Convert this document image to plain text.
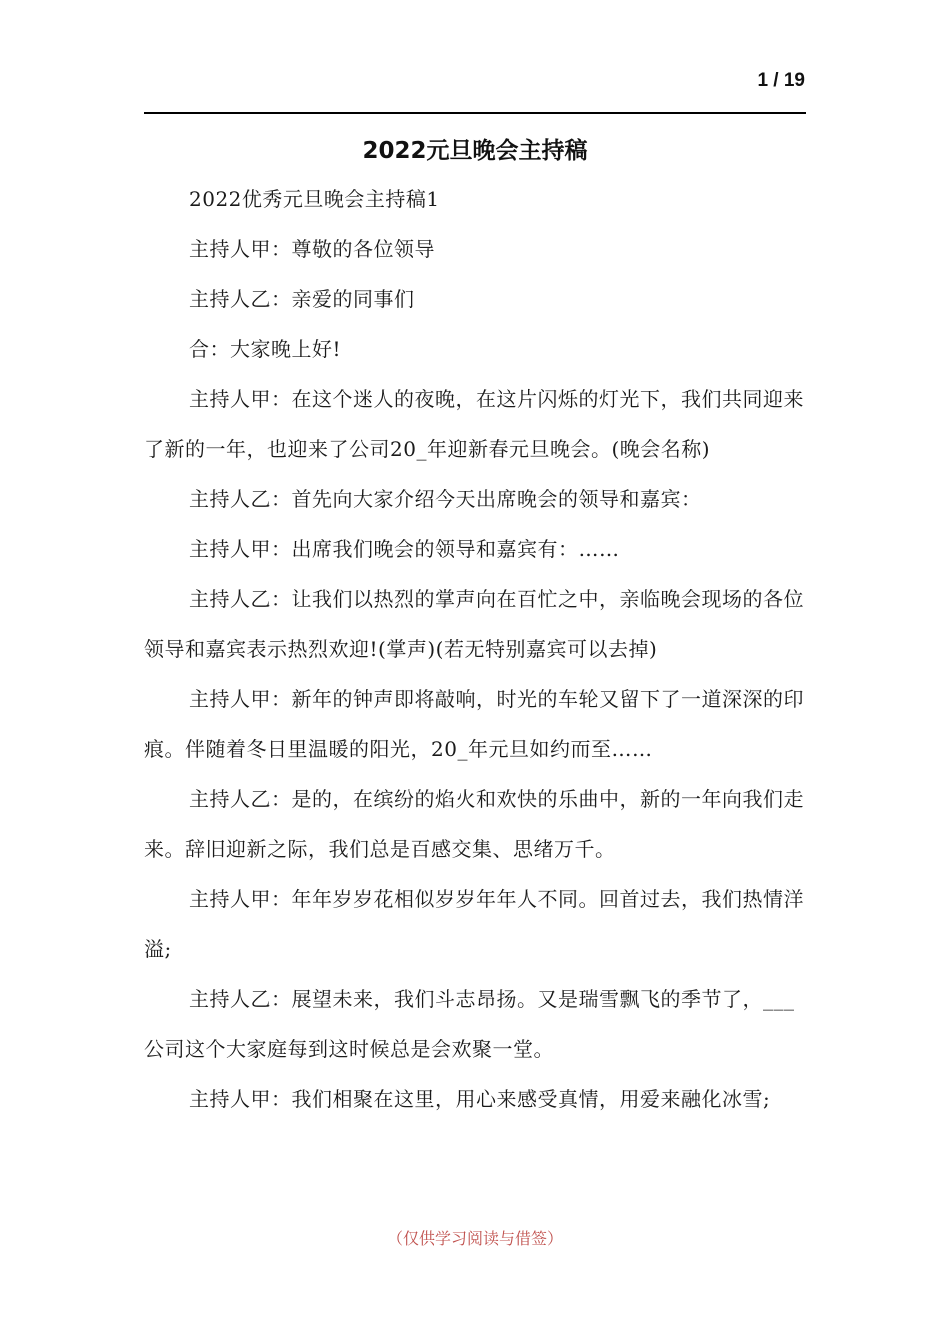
1 / 19
2022元旦晚会主持稿

2022优秀元旦晚会主持稿1

主持人甲：尊敬的各位领导

主持人乙：亲爱的同事们

合：大家晚上好!

主持人甲：在这个迷人的夜晚，在这片闪烁的灯光下，我们共同迎来了新的一年，也迎来了公司20_年迎新春元旦晚会。(晚会名称)

主持人乙：首先向大家介绍今天出席晚会的领导和嘉宾：

主持人甲：出席我们晚会的领导和嘉宾有：……

主持人乙：让我们以热烈的掌声向在百忙之中，亲临晚会现场的各位领导和嘉宾表示热烈欢迎!(掌声)(若无特别嘉宾可以去掉)

主持人甲：新年的钟声即将敲响，时光的车轮又留下了一道深深的印痕。伴随着冬日里温暖的阳光，20_年元旦如约而至……

主持人乙：是的，在缤纷的焰火和欢快的乐曲中，新的一年向我们走来。辞旧迎新之际，我们总是百感交集、思绪万千。

主持人甲：年年岁岁花相似岁岁年年人不同。回首过去，我们热情洋溢;

主持人乙：展望未来，我们斗志昂扬。又是瑞雪飘飞的季节了，___公司这个大家庭每到这时候总是会欢聚一堂。

主持人甲：我们相聚在这里，用心来感受真情，用爱来融化冰雪;

（仅供学习阅读与借签）
